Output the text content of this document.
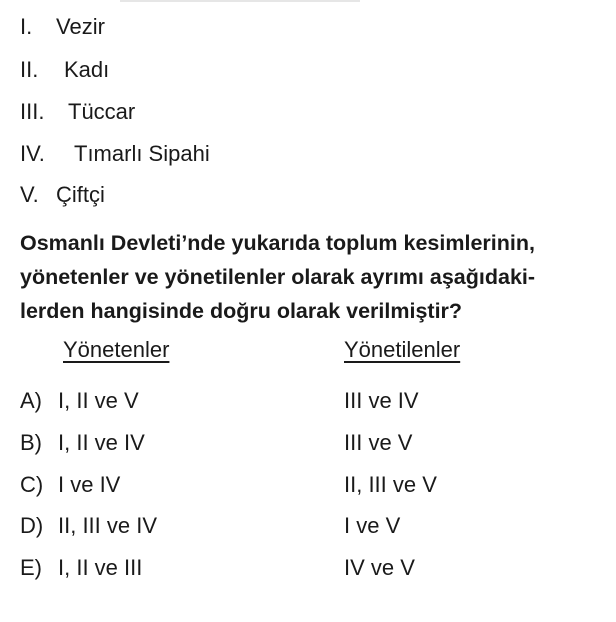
I. Vezir
II. Kadı
III. Tüccar
IV. Tımarlı Sipahi
V. Çiftçi
Osmanlı Devleti’nde yukarıda toplum kesimlerinin,
yönetenler ve yönetilenler olarak ayrımı aşağıdaki-
lerden hangisinde doğru olarak verilmiştir?
Yönetenler	Yönetilenler
A) I, II ve V	III ve IV
B) I, II ve IV	III ve V
C) I ve IV	II, III ve V
D) II, III ve IV	I ve V
E) I, II ve III	IV ve V
